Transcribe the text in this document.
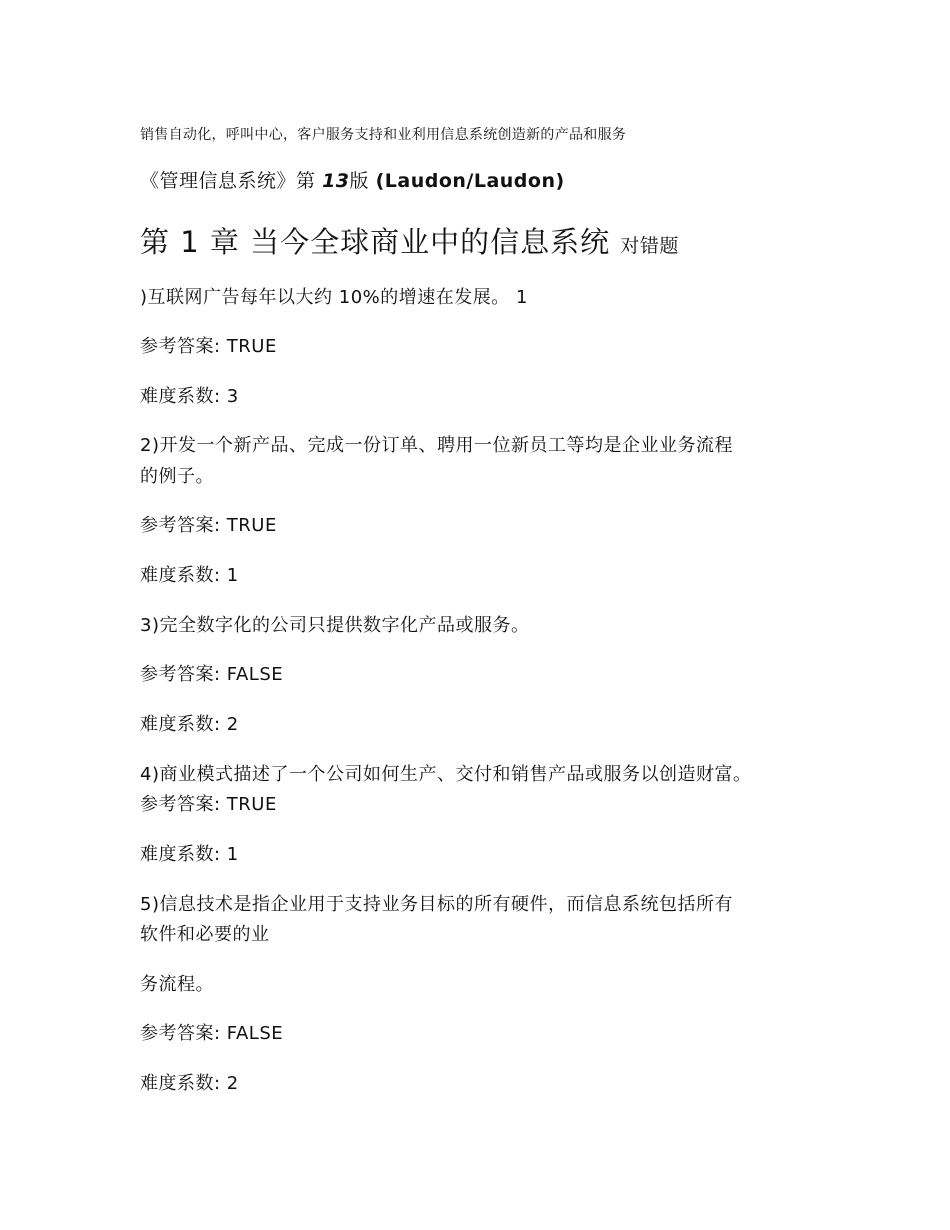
销售自动化，呼叫中心，客户服务支持和业利用信息系统创造新的产品和服务
《管理信息系统》第 13版 (Laudon/Laudon)
第 1 章 当今全球商业中的信息系统 对错题
)互联网广告每年以大约 10%的增速在发展。 1
参考答案: TRUE
难度系数: 3
2)开发一个新产品、完成一份订单、聘用一位新员工等均是企业业务流程
的例子。
参考答案: TRUE
难度系数: 1
3)完全数字化的公司只提供数字化产品或服务。
参考答案: FALSE
难度系数: 2
4)商业模式描述了一个公司如何生产、交付和销售产品或服务以创造财富。
参考答案: TRUE
难度系数: 1
5)信息技术是指企业用于支持业务目标的所有硬件，而信息系统包括所有
软件和必要的业
务流程。
参考答案: FALSE
难度系数: 2
